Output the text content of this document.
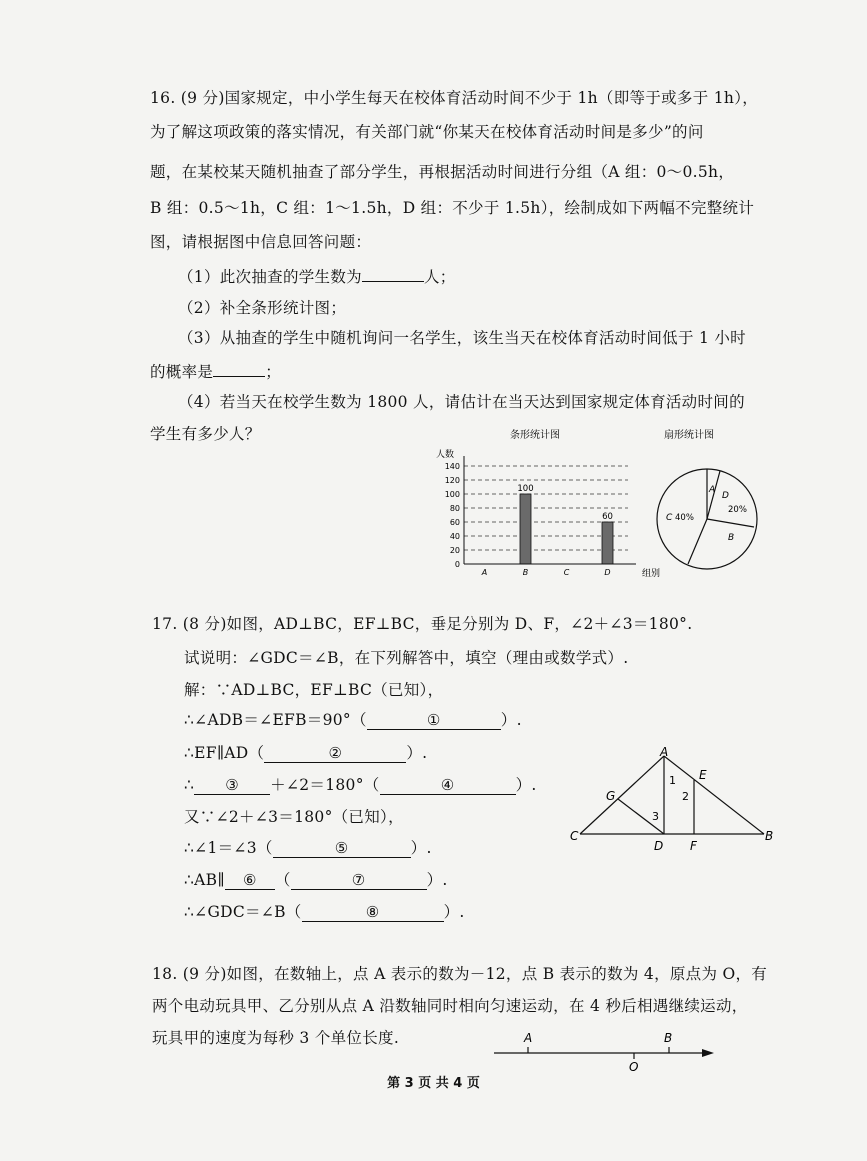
16. (9 分)国家规定，中小学生每天在校体育活动时间不少于 1h（即等于或多于 1h），
为了解这项政策的落实情况，有关部门就“你某天在校体育活动时间是多少”的问
题，在某校某天随机抽查了部分学生，再根据活动时间进行分组（A 组：0～0.5h，
B 组：0.5～1h，C 组：1～1.5h，D 组：不少于 1.5h），绘制成如下两幅不完整统计
图，请根据图中信息回答问题：
（1）此次抽查的学生数为	人；
（2）补全条形统计图；
（3）从抽查的学生中随机询问一名学生，该生当天在校体育活动时间低于 1 小时
的概率是	；
（4）若当天在校学生数为 1800 人，请估计在当天达到国家规定体育活动时间的
学生有多少人？	条形统计图
人数
0
20
40
60
80
100
120
140
100
60
A	B	C	D	组别
扇形统计图
A
D
20%
C 40%
B
17. (8 分)如图，AD⊥BC，EF⊥BC，垂足分别为 D、F，∠2＋∠3＝180°.
试说明：∠GDC＝∠B，在下列解答中，填空（理由或数学式）.
解：∵AD⊥BC，EF⊥BC（已知），
∴∠ADB＝∠EFB＝90°（	①	）.
∴EF∥AD（	②	）.
∴ ③ ＋∠2＝180°（	④	）.
又∵∠2＋∠3＝180°（已知），
∴∠1＝∠3（	⑤	）.
∴AB∥ ⑥ （	⑦	）.
∴∠GDC＝∠B（	⑧	）.
A
E
G
1
2
3
C
D F
B
18. (9 分)如图，在数轴上，点 A 表示的数为－12，点 B 表示的数为 4，原点为 O，有
两个电动玩具甲、乙分别从点 A 沿数轴同时相向匀速运动，在 4 秒后相遇继续运动，
玩具甲的速度为每秒 3 个单位长度.	A	B
O
第 3 页 共 4 页
